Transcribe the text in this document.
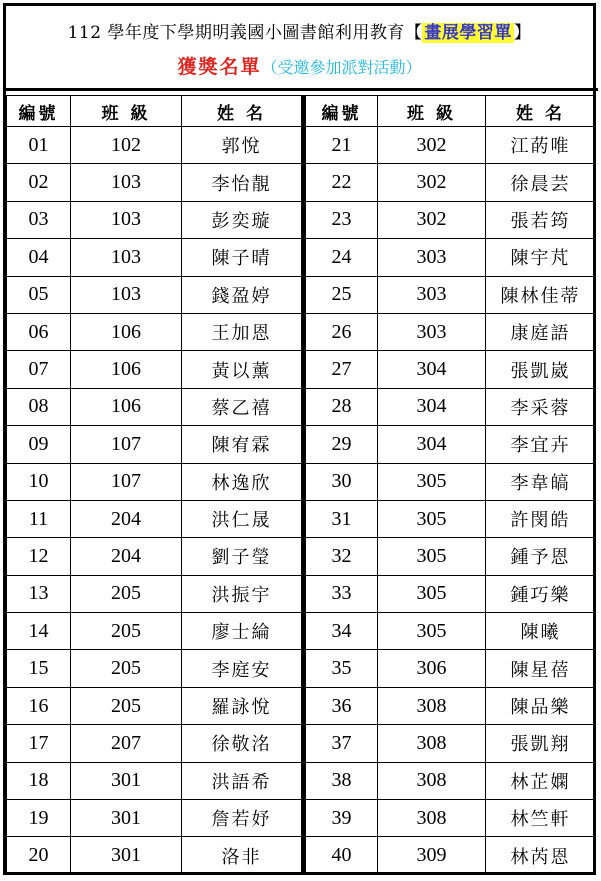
112 學年度下學期明義國小圖書館利用教育【 畫展學習單 】
獲獎名單（受邀參加派對活動）
編號	班 級	姓 名
01	102	郭悅
02	103	李怡靚
03	103	彭奕璇
04	103	陳子晴
05	103	錢盈婷
06	106	王加恩
07	106	黃以薰
08	106	蔡乙禧
09	107	陳宥霖
10	107	林逸欣
11	204	洪仁晟
12	204	劉子瑩
13	205	洪振宇
14	205	廖士綸
15	205	李庭安
16	205	羅詠悅
17	207	徐敬洺
18	301	洪語希
19	301	詹若妤
20	301	洛非
編號	班 級	姓 名
21	302	江菂唯
22	302	徐晨芸
23	302	張若筠
24	303	陳宇芃
25	303	陳林佳蒂
26	303	康庭語
27	304	張凱崴
28	304	李采蓉
29	304	李宜卉
30	305	李韋皜
31	305	許閔皓
32	305	鍾予恩
33	305	鍾巧樂
34	305	陳曦
35	306	陳星蓓
36	308	陳品樂
37	308	張凱翔
38	308	林芷嫻
39	308	林竺軒
40	309	林芮恩
